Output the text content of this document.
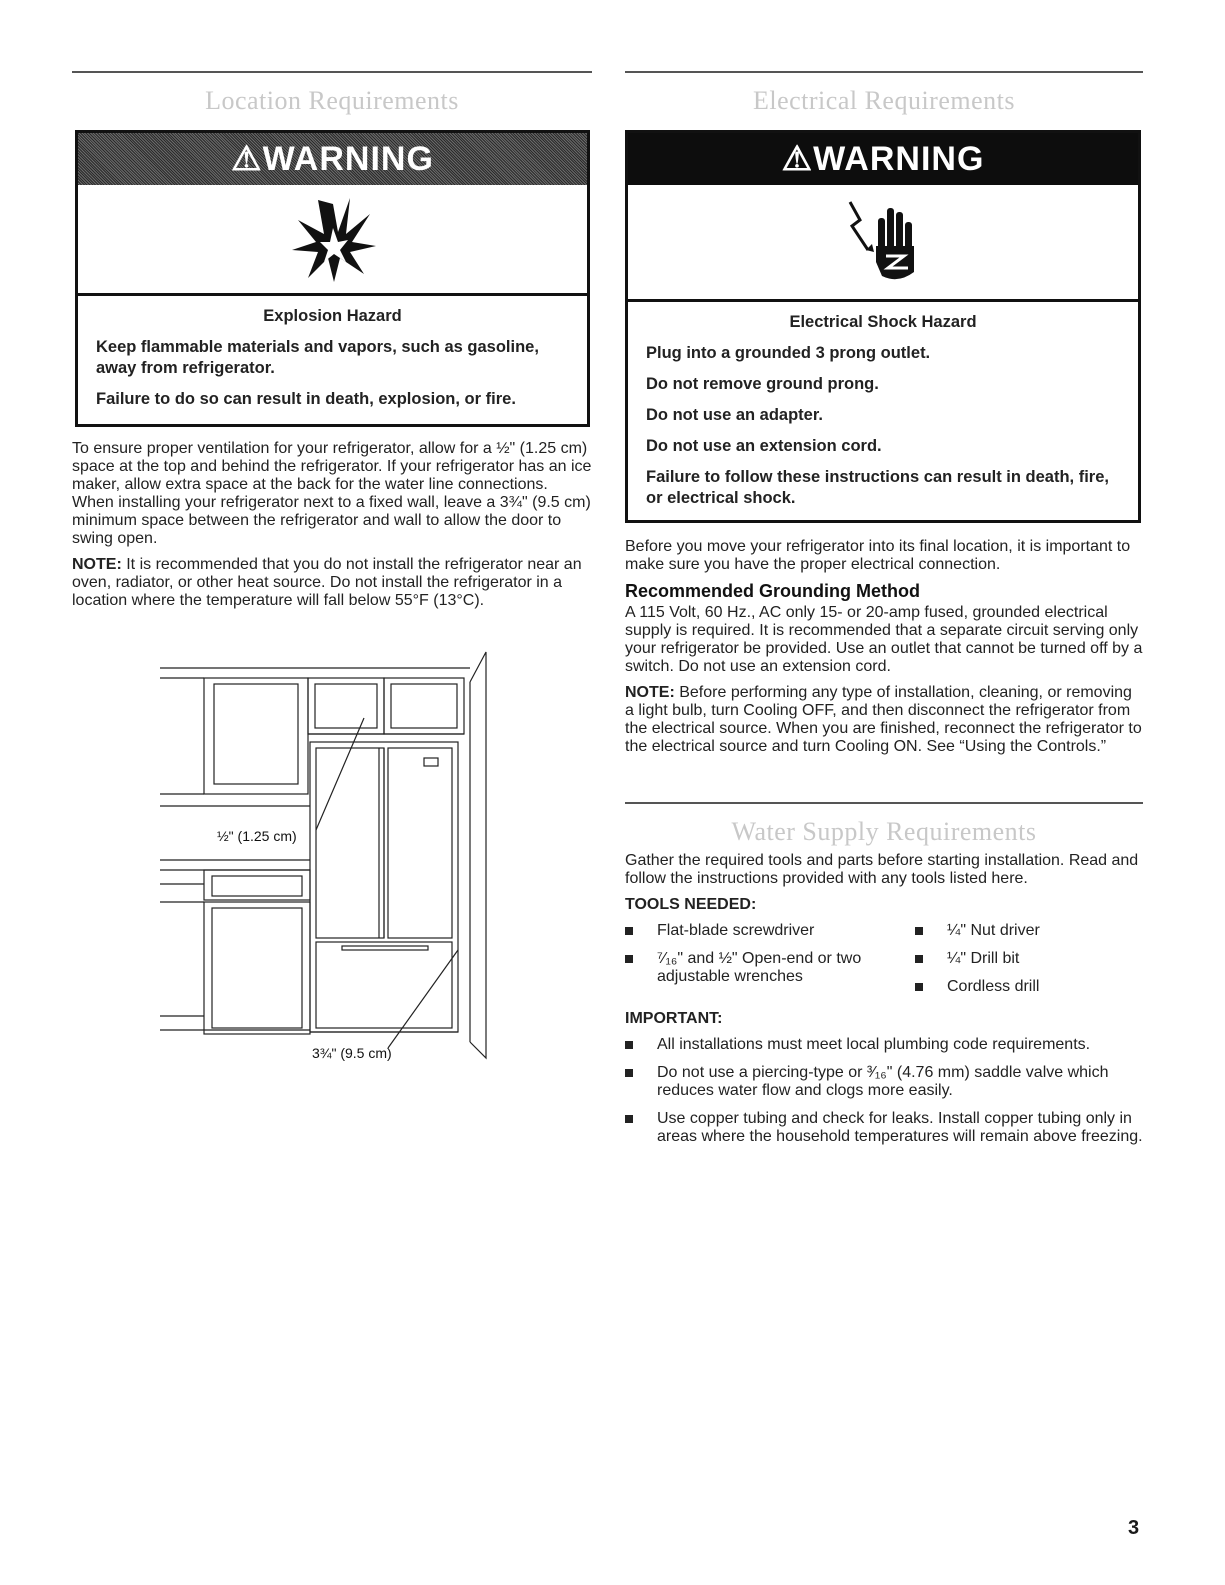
Location Requirements
⚠WARNING
Explosion Hazard

Keep flammable materials and vapors, such as gasoline, away from refrigerator.

Failure to do so can result in death, explosion, or fire.

To ensure proper ventilation for your refrigerator, allow for a ½" (1.25 cm) space at the top and behind the refrigerator. If your refrigerator has an ice maker, allow extra space at the back for the water line connections. When installing your refrigerator next to a fixed wall, leave a 3¾" (9.5 cm) minimum space between the refrigerator and wall to allow the door to swing open.

NOTE: It is recommended that you do not install the refrigerator near an oven, radiator, or other heat source. Do not install the refrigerator in a location where the temperature will fall below 55°F (13°C).

½" (1.25 cm)
3¾" (9.5 cm)
Electrical Requirements
⚠WARNING
Electrical Shock Hazard

Plug into a grounded 3 prong outlet.

Do not remove ground prong.

Do not use an adapter.

Do not use an extension cord.

Failure to follow these instructions can result in death, fire, or electrical shock.

Before you move your refrigerator into its final location, it is important to make sure you have the proper electrical connection.

Recommended Grounding Method

A 115 Volt, 60 Hz., AC only 15- or 20-amp fused, grounded electrical supply is required. It is recommended that a separate circuit serving only your refrigerator be provided. Use an outlet that cannot be turned off by a switch. Do not use an extension cord.

NOTE: Before performing any type of installation, cleaning, or removing a light bulb, turn Cooling OFF, and then disconnect the refrigerator from the electrical source. When you are finished, reconnect the refrigerator to the electrical source and turn Cooling ON. See “Using the Controls.”

Water Supply Requirements

Gather the required tools and parts before starting installation. Read and follow the instructions provided with any tools listed here.

TOOLS NEEDED:
Flat-blade screwdriver
⁷⁄₁₆" and ½" Open-end or two adjustable wrenches
¼" Nut driver
¼" Drill bit
Cordless drill
IMPORTANT:
All installations must meet local plumbing code requirements.
Do not use a piercing-type or ³⁄₁₆" (4.76 mm) saddle valve which reduces water flow and clogs more easily.
Use copper tubing and check for leaks. Install copper tubing only in areas where the household temperatures will remain above freezing.
3
